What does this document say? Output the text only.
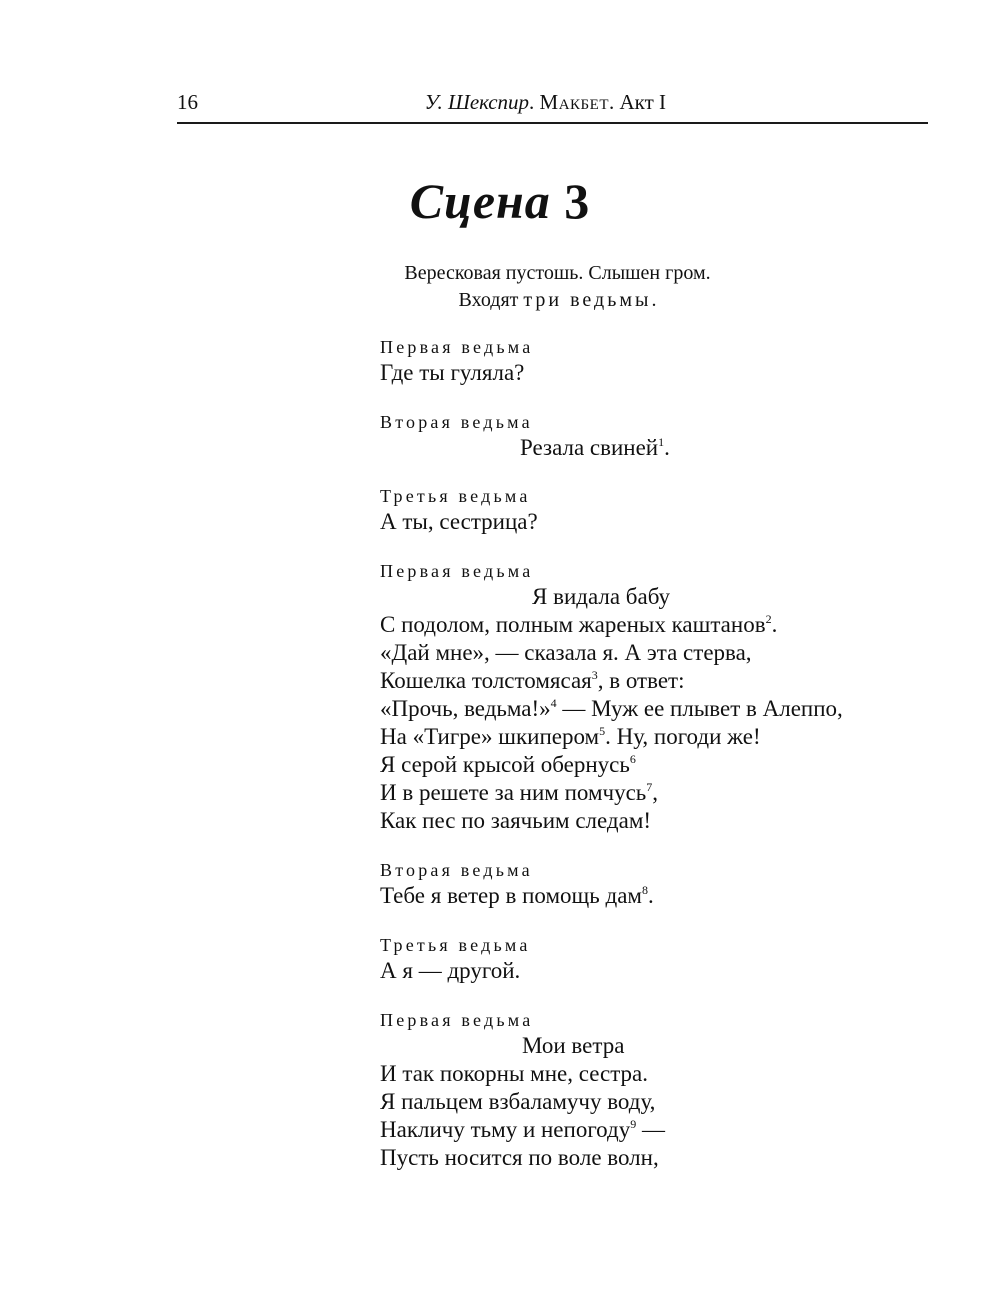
16	У. Шекспир. Макбет. Акт I
Сцена 3
Вересковая пустошь. Слышен гром.
Входят три ведьмы.
Первая ведьма
Где ты гуляла?
Вторая ведьма
Резала свиней$^1$.
Третья ведьма
А ты, сестрица?
Первая ведьма
Я видала бабу
С подолом, полным жареных каштанов$^2$.
«Дай мне», — сказала я. А эта стерва,
Кошелка толстомясая$^3$, в ответ:
«Прочь, ведьма!»$^4$ — Муж ее плывет в Алеппо,
На «Тигре» шкипером$^5$. Ну, погоди же!
Я серой крысой обернусь$^6$
И в решете за ним помчусь$^7$,
Как пес по заячьим следам!
Вторая ведьма
Тебе я ветер в помощь дам$^8$.
Третья ведьма
А я — другой.
Первая ведьма
Мои ветра
И так покорны мне, сестра.
Я пальцем взбаламучу воду,
Накличу тьму и непогоду$^9$ —
Пусть носится по воле волн,
